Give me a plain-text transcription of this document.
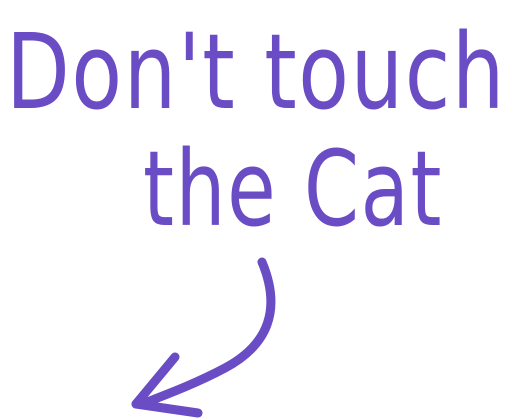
Don't touch
the Cat
